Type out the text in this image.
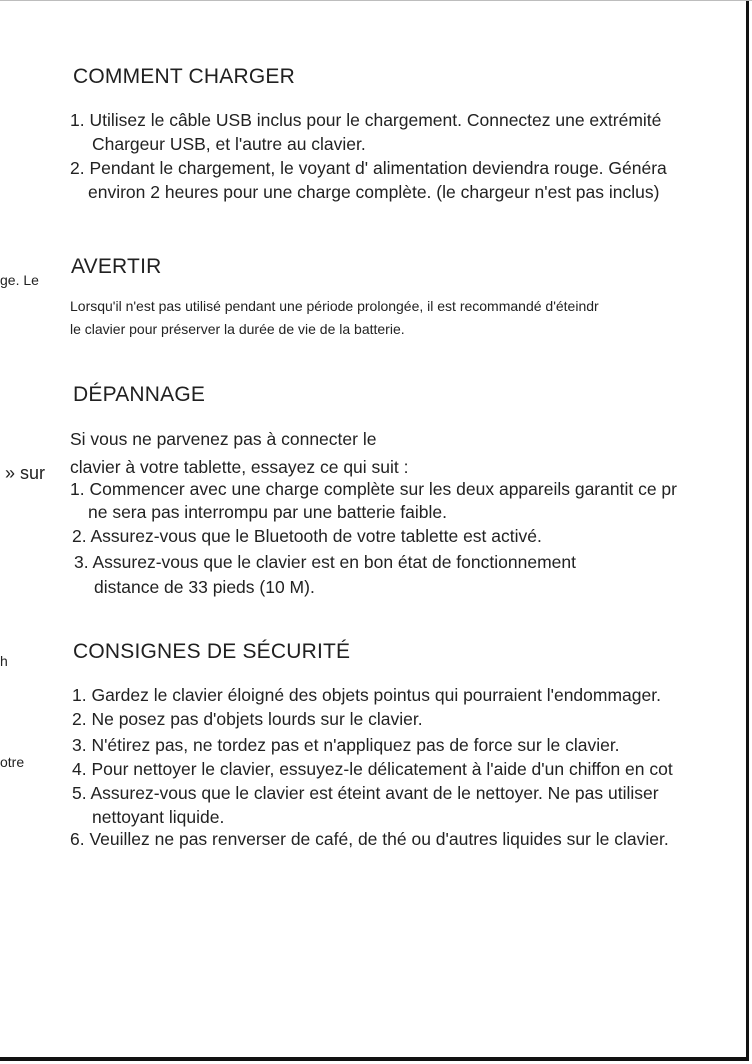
ge. Le
» sur
h
otre
COMMENT CHARGER
1. Utilisez le câble USB inclus pour le chargement. Connectez une extrémité
Chargeur USB, et l'autre au clavier.
2. Pendant le chargement, le voyant d' alimentation deviendra rouge. Généra
environ 2 heures pour une charge complète. (le chargeur n'est pas inclus)
AVERTIR
Lorsqu'il n'est pas utilisé pendant une période prolongée, il est recommandé d'éteindr
le clavier pour préserver la durée de vie de la batterie.
DÉPANNAGE
Si vous ne parvenez pas à connecter le
clavier à votre tablette, essayez ce qui suit :
1. Commencer avec une charge complète sur les deux appareils garantit ce pr
ne sera pas interrompu par une batterie faible.
2. Assurez-vous que le Bluetooth de votre tablette est activé.
3. Assurez-vous que le clavier est en bon état de fonctionnement
distance de 33 pieds (10 M).
CONSIGNES DE SÉCURITÉ
1. Gardez le clavier éloigné des objets pointus qui pourraient l'endommager.
2. Ne posez pas d'objets lourds sur le clavier.
3. N'étirez pas, ne tordez pas et n'appliquez pas de force sur le clavier.
4. Pour nettoyer le clavier, essuyez-le délicatement à l'aide d'un chiffon en cot
5. Assurez-vous que le clavier est éteint avant de le nettoyer. Ne pas utiliser
nettoyant liquide.
6. Veuillez ne pas renverser de café, de thé ou d'autres liquides sur le clavier.
